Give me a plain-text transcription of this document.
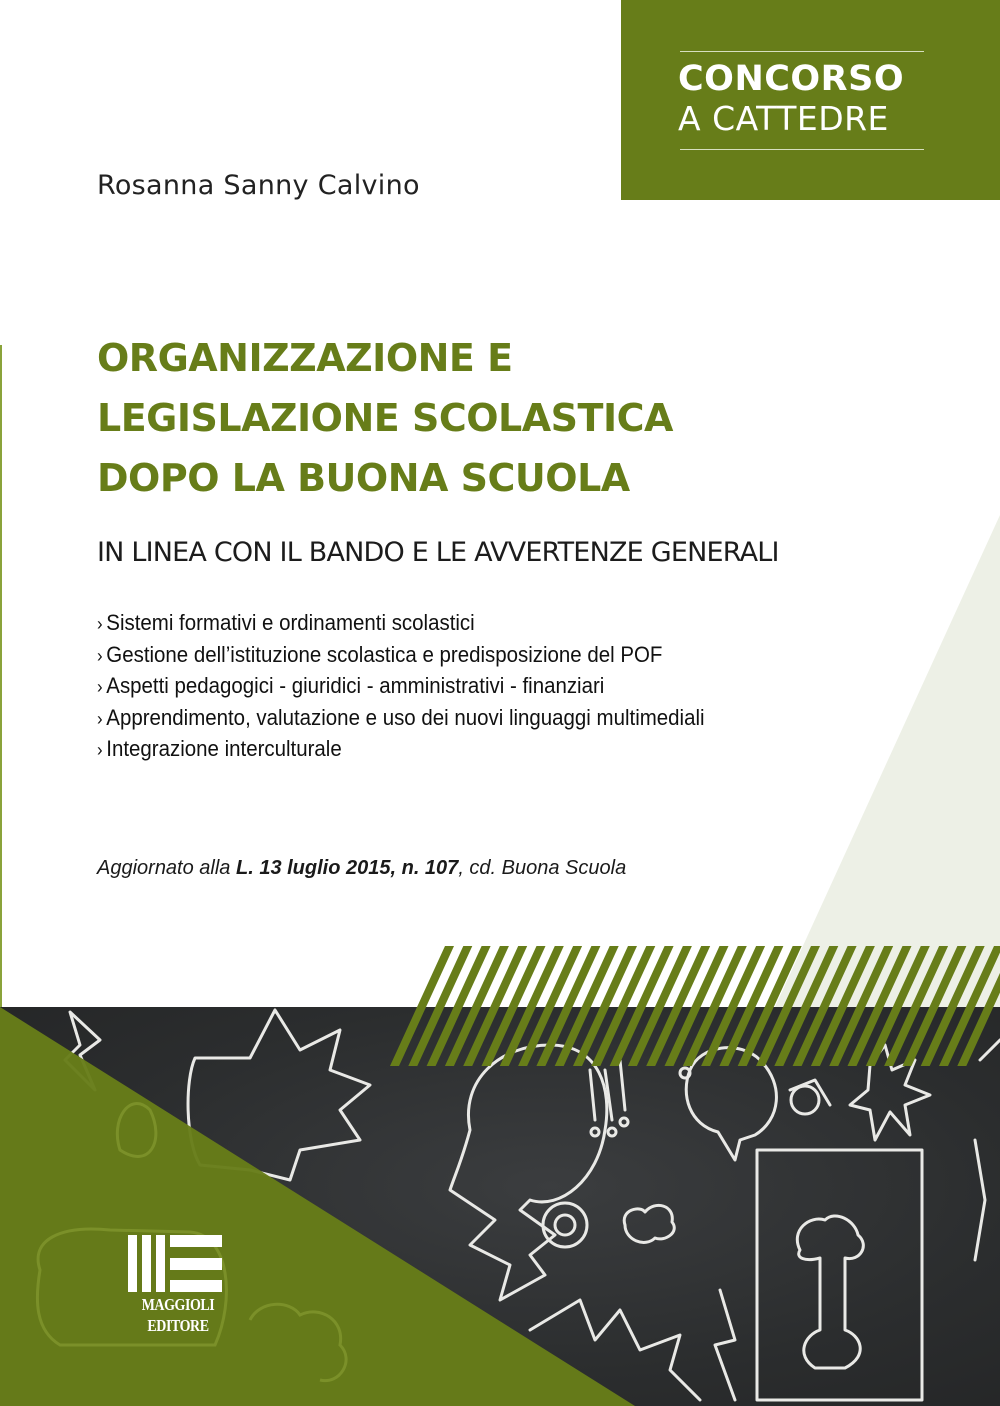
CONCORSO
A CATTEDRE
Rosanna Sanny Calvino
ORGANIZZAZIONE E
LEGISLAZIONE SCOLASTICA
DOPO LA BUONA SCUOLA
IN LINEA CON IL BANDO E LE AVVERTENZE GENERALI
› Sistemi formativi e ordinamenti scolastici
› Gestione dell’istituzione scolastica e predisposizione del POF
› Aspetti pedagogici - giuridici - amministrativi - finanziari
› Apprendimento, valutazione e uso dei nuovi linguaggi multimediali
› Integrazione interculturale
Aggiornato alla L. 13 luglio 2015, n. 107, cd. Buona Scuola
MAGGIOLI
EDITORE
